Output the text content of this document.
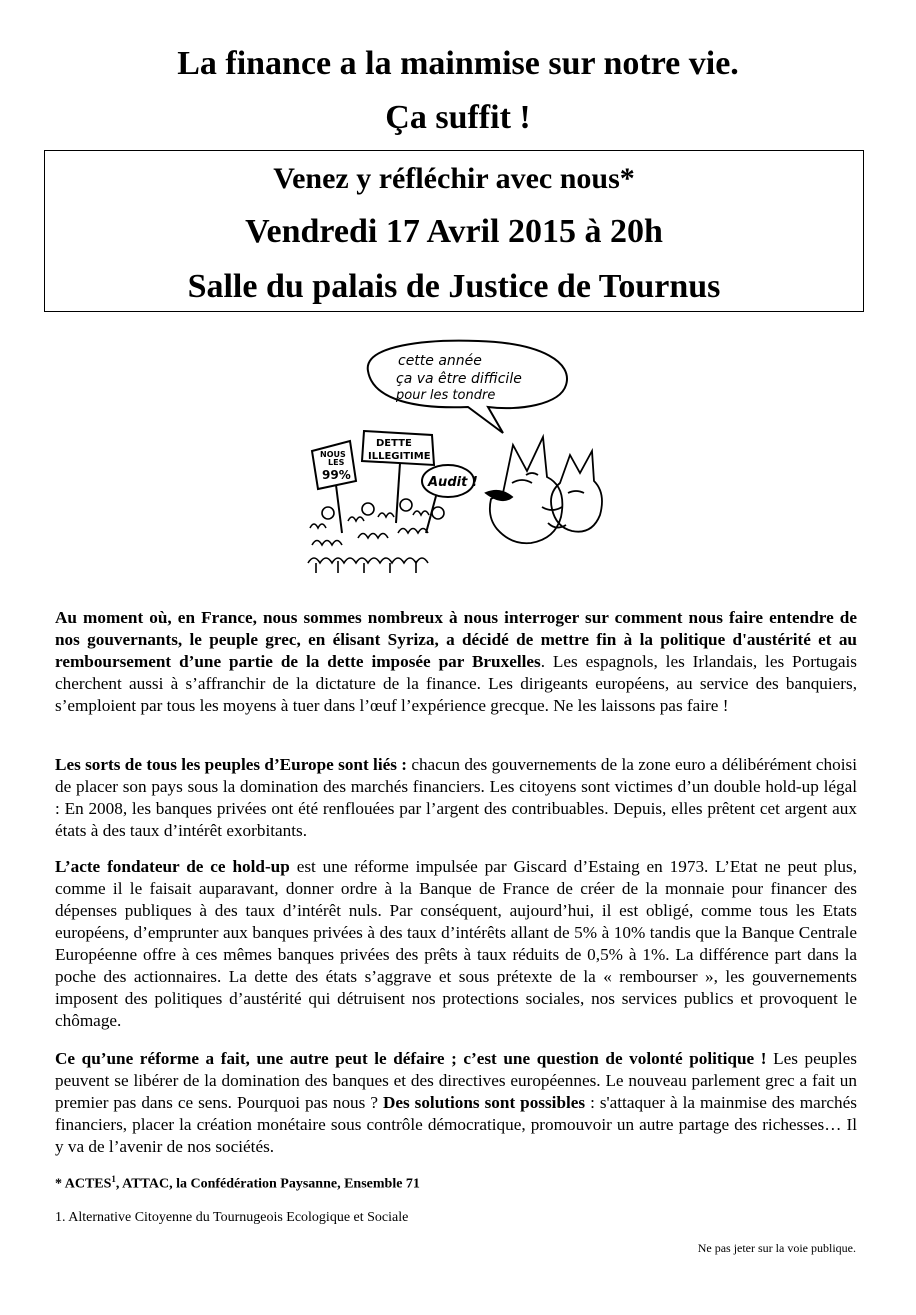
La finance a la mainmise sur notre vie.
Ça suffit !
Venez y réfléchir avec nous*
Vendredi 17 Avril 2015 à 20h
Salle du palais de Justice de Tournus
cette année
ça va être difficile
pour les tondre
NOUS
LES
99%
DETTE
ILLEGITIME
Audit !

Au moment où, en France, nous sommes nombreux à nous interroger sur comment nous faire entendre de nos gouvernants, le peuple grec, en élisant Syriza, a décidé de mettre fin à la politique d'austérité et au remboursement d’une partie de la dette imposée par Bruxelles. Les espagnols, les Irlandais, les Portugais cherchent aussi à s’affranchir de la dictature de la finance. Les dirigeants européens, au service des banquiers, s’emploient par tous les moyens à tuer dans l’œuf l’expérience grecque. Ne les laissons pas faire !

Les sorts de tous les peuples d’Europe sont liés : chacun des gouvernements de la zone euro a délibérément choisi de placer son pays sous la domination des marchés financiers. Les citoyens sont victimes d’un double hold-up légal : En 2008, les banques privées ont été renflouées par l’argent des contribuables. Depuis, elles prêtent cet argent aux états à des taux d’intérêt exorbitants.

L’acte fondateur de ce hold-up est une réforme impulsée par Giscard d’Estaing en 1973. L’Etat ne peut plus, comme il le faisait auparavant, donner ordre à la Banque de France de créer de la monnaie pour financer des dépenses publiques à des taux d’intérêt nuls. Par conséquent, aujourd’hui, il est obligé, comme tous les Etats européens, d’emprunter aux banques privées à des taux d’intérêts allant de 5% à 10% tandis que la Banque Centrale Européenne offre à ces mêmes banques privées des prêts à taux réduits de 0,5% à 1%. La différence part dans la poche des actionnaires. La dette des états s’aggrave et sous prétexte de la « rembourser », les gouvernements imposent des politiques d’austérité qui détruisent nos protections sociales, nos services publics et provoquent le chômage.

Ce qu’une réforme a fait, une autre peut le défaire ; c’est une question de volonté politique ! Les peuples peuvent se libérer de la domination des banques et des directives européennes. Le nouveau parlement grec a fait un premier pas dans ce sens. Pourquoi pas nous ? Des solutions sont possibles : s'attaquer à la mainmise des marchés financiers, placer la création monétaire sous contrôle démocratique, promouvoir un autre partage des richesses… Il y va de l’avenir de nos sociétés.

* ACTES$^1$, ATTAC, la Confédération Paysanne, Ensemble 71

1. Alternative Citoyenne du Tournugeois Ecologique et Sociale

Ne pas jeter sur la voie publique.
